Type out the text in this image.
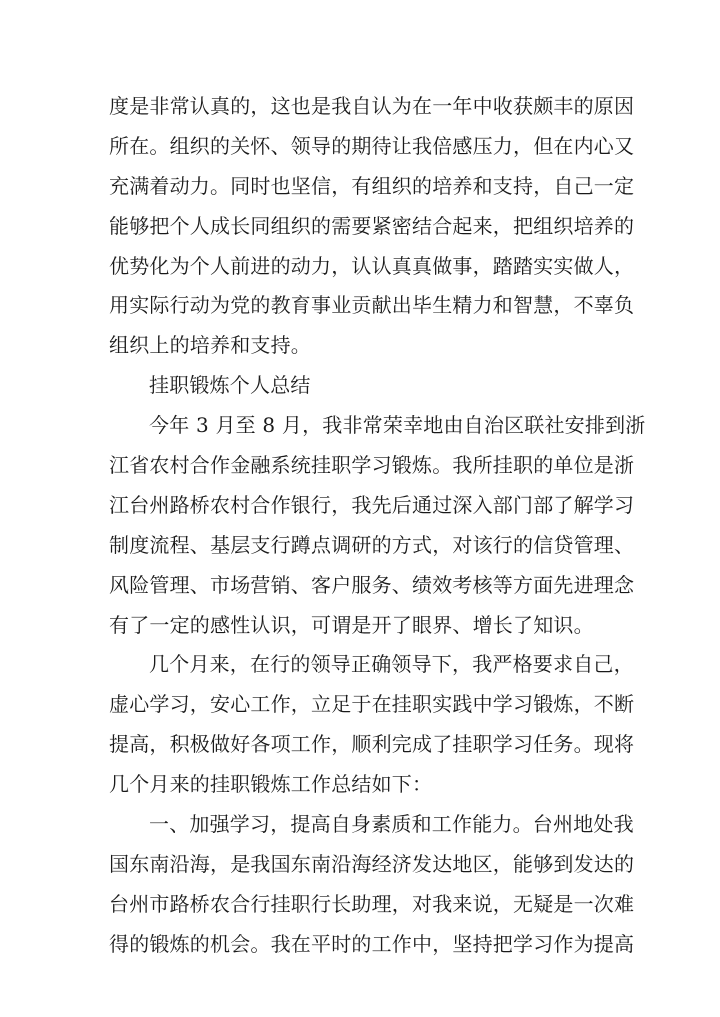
度是非常认真的，这也是我自认为在一年中收获颇丰的原因
所在。组织的关怀、领导的期待让我倍感压力，但在内心又
充满着动力。同时也坚信，有组织的培养和支持，自己一定
能够把个人成长同组织的需要紧密结合起来，把组织培养的
优势化为个人前进的动力，认认真真做事，踏踏实实做人，
用实际行动为党的教育事业贡献出毕生精力和智慧，不辜负
组织上的培养和支持。
挂职锻炼个人总结
今年 3 月至 8 月，我非常荣幸地由自治区联社安排到浙
江省农村合作金融系统挂职学习锻炼。我所挂职的单位是浙
江台州路桥农村合作银行，我先后通过深入部门部了解学习
制度流程、基层支行蹲点调研的方式，对该行的信贷管理、
风险管理、市场营销、客户服务、绩效考核等方面先进理念
有了一定的感性认识，可谓是开了眼界、增长了知识。
几个月来，在行的领导正确领导下，我严格要求自己，
虚心学习，安心工作，立足于在挂职实践中学习锻炼，不断
提高，积极做好各项工作，顺利完成了挂职学习任务。现将
几个月来的挂职锻炼工作总结如下：
一、加强学习，提高自身素质和工作能力。台州地处我
国东南沿海，是我国东南沿海经济发达地区，能够到发达的
台州市路桥农合行挂职行长助理，对我来说，无疑是一次难
得的锻炼的机会。我在平时的工作中，坚持把学习作为提高
